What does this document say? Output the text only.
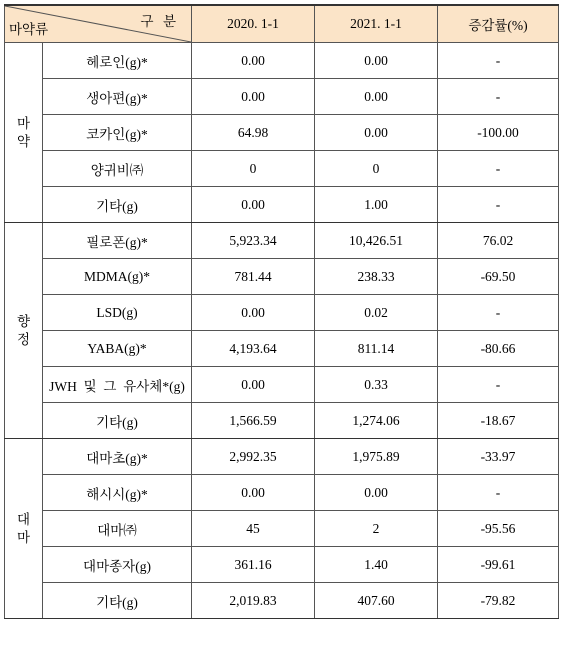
구 분
마약류		2020. 1-1	2021. 1-1	증감률(%)

마
약	헤로인(g)*	0.00	0.00	-
	생아편(g)*	0.00	0.00	-
	코카인(g)*	64.98	0.00	-100.00
	양귀비㈜	0	0	-
	기타(g)	0.00	1.00	-

향
정	필로폰(g)*	5,923.34	10,426.51	76.02
	MDMA(g)*	781.44	238.33	-69.50
	LSD(g)	0.00	0.02	-
	YABA(g)*	4,193.64	811.14	-80.66
	JWH  및  그  유사체*(g)	0.00	0.33	-
	기타(g)	1,566.59	1,274.06	-18.67

대
마	대마초(g)*	2,992.35	1,975.89	-33.97
	해시시(g)*	0.00	0.00	-
	대마㈜	45	2	-95.56
	대마종자(g)	361.16	1.40	-99.61
	기타(g)	2,019.83	407.60	-79.82
